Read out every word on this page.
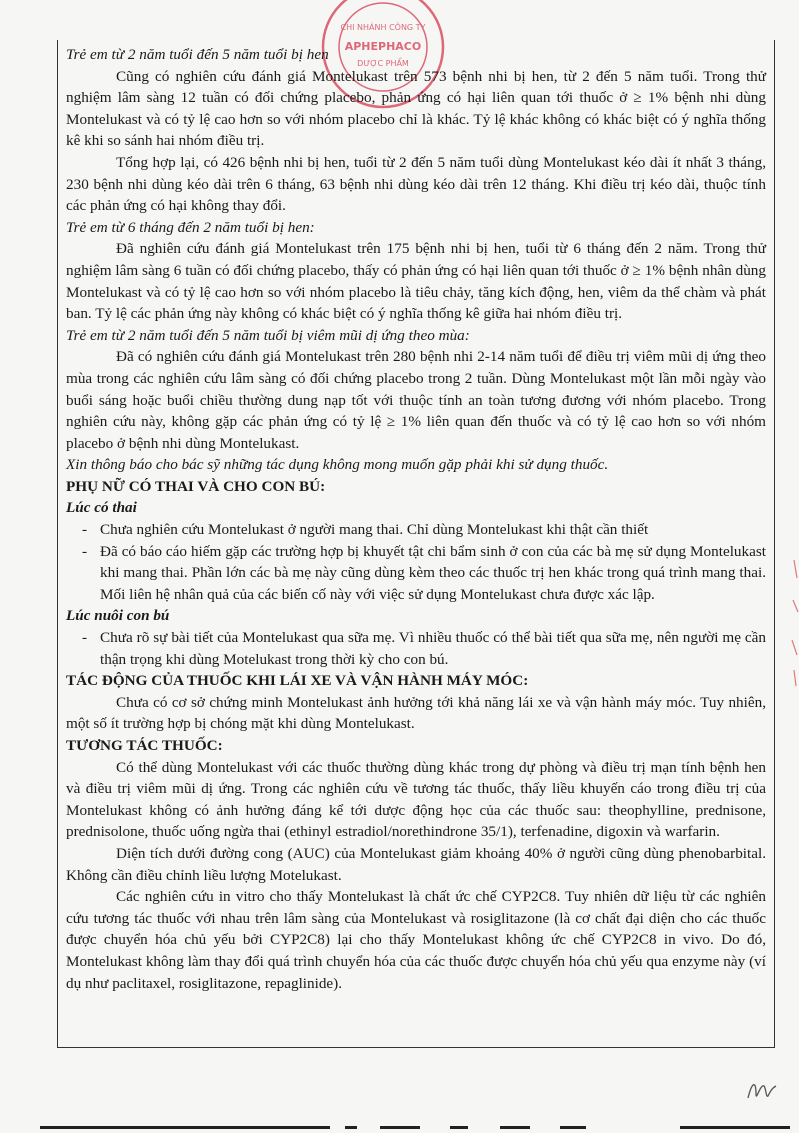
CHI NHÁNH CÔNG TY
APHEPHACO
DƯỢC PHẨM

Trẻ em từ 2 năm tuổi đến 5 năm tuổi bị hen

Cũng có nghiên cứu đánh giá Montelukast trên 573 bệnh nhi bị hen, từ 2 đến 5 năm tuổi. Trong thử nghiệm lâm sàng 12 tuần có đối chứng placebo, phản ứng có hại liên quan tới thuốc ở ≥ 1% bệnh nhi dùng Montelukast và có tỷ lệ cao hơn so với nhóm placebo chỉ là khác. Tỷ lệ khác không có khác biệt có ý nghĩa thống kê khi so sánh hai nhóm điều trị.

Tổng hợp lại, có 426 bệnh nhi bị hen, tuổi từ 2 đến 5 năm tuổi dùng Montelukast kéo dài ít nhất 3 tháng, 230 bệnh nhi dùng kéo dài trên 6 tháng, 63 bệnh nhi dùng kéo dài trên 12 tháng. Khi điều trị kéo dài, thuộc tính các phản ứng có hại không thay đổi.

Trẻ em từ 6 tháng đến 2 năm tuổi bị hen:

Đã nghiên cứu đánh giá Montelukast trên 175 bệnh nhi bị hen, tuổi từ 6 tháng đến 2 năm. Trong thử nghiệm lâm sàng 6 tuần có đối chứng placebo, thấy có phản ứng có hại liên quan tới thuốc ở ≥ 1% bệnh nhân dùng Montelukast và có tỷ lệ cao hơn so với nhóm placebo là tiêu chảy, tăng kích động, hen, viêm da thể chàm và phát ban. Tỷ lệ các phản ứng này không có khác biệt có ý nghĩa thống kê giữa hai nhóm điều trị.

Trẻ em từ 2 năm tuổi đến 5 năm tuổi bị viêm mũi dị ứng theo mùa:

Đã có nghiên cứu đánh giá Montelukast trên 280 bệnh nhi 2-14 năm tuổi để điều trị viêm mũi dị ứng theo mùa trong các nghiên cứu lâm sàng có đối chứng placebo trong 2 tuần. Dùng Montelukast một lần mỗi ngày vào buổi sáng hoặc buổi chiều thường dung nạp tốt với thuộc tính an toàn tương đương với nhóm placebo. Trong nghiên cứu này, không gặp các phản ứng có tỷ lệ ≥ 1% liên quan đến thuốc và có tỷ lệ cao hơn so với nhóm placebo ở bệnh nhi dùng Montelukast.

Xin thông báo cho bác sỹ những tác dụng không mong muốn gặp phải khi sử dụng thuốc.

PHỤ NỮ CÓ THAI VÀ CHO CON BÚ:

Lúc có thai

- Chưa nghiên cứu Montelukast ở người mang thai. Chỉ dùng Montelukast khi thật cần thiết
- Đã có báo cáo hiếm gặp các trường hợp bị khuyết tật chi bẩm sinh ở con của các bà mẹ sử dụng Montelukast khi mang thai. Phần lớn các bà mẹ này cũng dùng kèm theo các thuốc trị hen khác trong quá trình mang thai. Mối liên hệ nhân quả của các biến cố này với việc sử dụng Montelukast chưa được xác lập.

Lúc nuôi con bú

- Chưa rõ sự bài tiết của Montelukast qua sữa mẹ. Vì nhiều thuốc có thể bài tiết qua sữa mẹ, nên người mẹ cần thận trọng khi dùng Motelukast trong thời kỳ cho con bú.

TÁC ĐỘNG CỦA THUỐC KHI LÁI XE VÀ VẬN HÀNH MÁY MÓC:

Chưa có cơ sở chứng minh Montelukast ảnh hưởng tới khả năng lái xe và vận hành máy móc. Tuy nhiên, một số ít trường hợp bị chóng mặt khi dùng Montelukast.

TƯƠNG TÁC THUỐC:

Có thể dùng Montelukast với các thuốc thường dùng khác trong dự phòng và điều trị mạn tính bệnh hen và điều trị viêm mũi dị ứng. Trong các nghiên cứu về tương tác thuốc, thấy liều khuyến cáo trong điều trị của Montelukast không có ảnh hưởng đáng kể tới dược động học của các thuốc sau: theophylline, prednisone, prednisolone, thuốc uống ngừa thai (ethinyl estradiol/norethindrone 35/1), terfenadine, digoxin và warfarin.

Diện tích dưới đường cong (AUC) của Montelukast giảm khoảng 40% ở người cũng dùng phenobarbital. Không cần điều chỉnh liều lượng Motelukast.

Các nghiên cứu in vitro cho thấy Montelukast là chất ức chế CYP2C8. Tuy nhiên dữ liệu từ các nghiên cứu tương tác thuốc với nhau trên lâm sàng của Montelukast và rosiglitazone (là cơ chất đại diện cho các thuốc được chuyển hóa chủ yếu bởi CYP2C8) lại cho thấy Montelukast không ức chế CYP2C8 in vivo. Do đó, Montelukast không làm thay đổi quá trình chuyển hóa của các thuốc được chuyển hóa chủ yếu qua enzyme này (ví dụ như paclitaxel, rosiglitazone, repaglinide).
